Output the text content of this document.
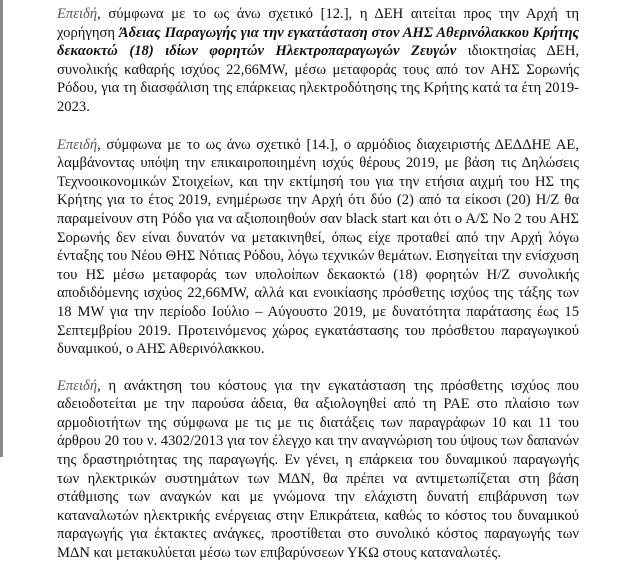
Επειδή, σύμφωνα με το ως άνω σχετικό [12.], η ΔΕΗ αιτείται προς την Αρχή τη χορήγηση Άδειας Παραγωγής για την εγκατάσταση στον ΑΗΣ Αθερινόλακκου Κρήτης δεκαοκτώ (18) ιδίων φορητών Ηλεκτροπαραγωγών Ζευγών ιδιοκτησίας ΔΕΗ, συνολικής καθαρής ισχύος 22,66MW, μέσω μεταφοράς τους από τον ΑΗΣ Σορωνής Ρόδου, για τη διασφάλιση της επάρκειας ηλεκτροδότησης της Κρήτης κατά τα έτη 2019-2023.

Επειδή, σύμφωνα με το ως άνω σχετικό [14.], ο αρμόδιος διαχειριστής ΔΕΔΔΗΕ ΑΕ, λαμβάνοντας υπόψη την επικαιροποιημένη ισχύς θέρους 2019, με βάση τις Δηλώσεις Τεχνοοικονομικών Στοιχείων, και την εκτίμησή του για την ετήσια αιχμή του ΗΣ της Κρήτης για το έτος 2019, ενημέρωσε την Αρχή ότι δύο (2) από τα είκοσι (20) Η/Ζ θα παραμείνουν στη Ρόδο για να αξιοποιηθούν σαν black start και ότι ο Α/Σ Νο 2 του ΑΗΣ Σορωνής δεν είναι δυνατόν να μετακινηθεί, όπως είχε προταθεί από την Αρχή λόγω ένταξης του Νέου ΘΗΣ Νότιας Ρόδου, λόγω τεχνικών θεμάτων. Εισηγείται την ενίσχυση του ΗΣ μέσω μεταφοράς των υπολοίπων δεκαοκτώ (18) φορητών Η/Ζ συνολικής αποδιδόμενης ισχύος 22,66MW, αλλά και ενοικίασης πρόσθετης ισχύος της τάξης των 18 MW για την περίοδο Ιούλιο – Αύγουστο 2019, με δυνατότητα παράτασης έως 15 Σεπτεμβρίου 2019. Προτεινόμενος χώρος εγκατάστασης του πρόσθετου παραγωγικού δυναμικού, ο ΑΗΣ Αθερινόλακκου.

Επειδή, η ανάκτηση του κόστους για την εγκατάσταση της πρόσθετης ισχύος που αδειοδοτείται με την παρούσα άδεια, θα αξιολογηθεί από τη ΡΑΕ στο πλαίσιο των αρμοδιοτήτων της σύμφωνα με τις με τις διατάξεις των παραγράφων 10 και 11 του άρθρου 20 του ν. 4302/2013 για τον έλεγχο και την αναγνώριση του ύψους των δαπανών της δραστηριότητας της παραγωγής. Εν γένει, η επάρκεια του δυναμικού παραγωγής των ηλεκτρικών συστημάτων των ΜΔΝ, θα πρέπει να αντιμετωπίζεται στη βάση στάθμισης των αναγκών και με γνώμονα την ελάχιστη δυνατή επιβάρυνση των καταναλωτών ηλεκτρικής ενέργειας στην Επικράτεια, καθώς το κόστος του δυναμικού παραγωγής για έκτακτες ανάγκες, προστίθεται στο συνολικό κόστος παραγωγής των ΜΔΝ και μετακυλύεται μέσω των επιβαρύνσεων ΥΚΩ στους καταναλωτές.
